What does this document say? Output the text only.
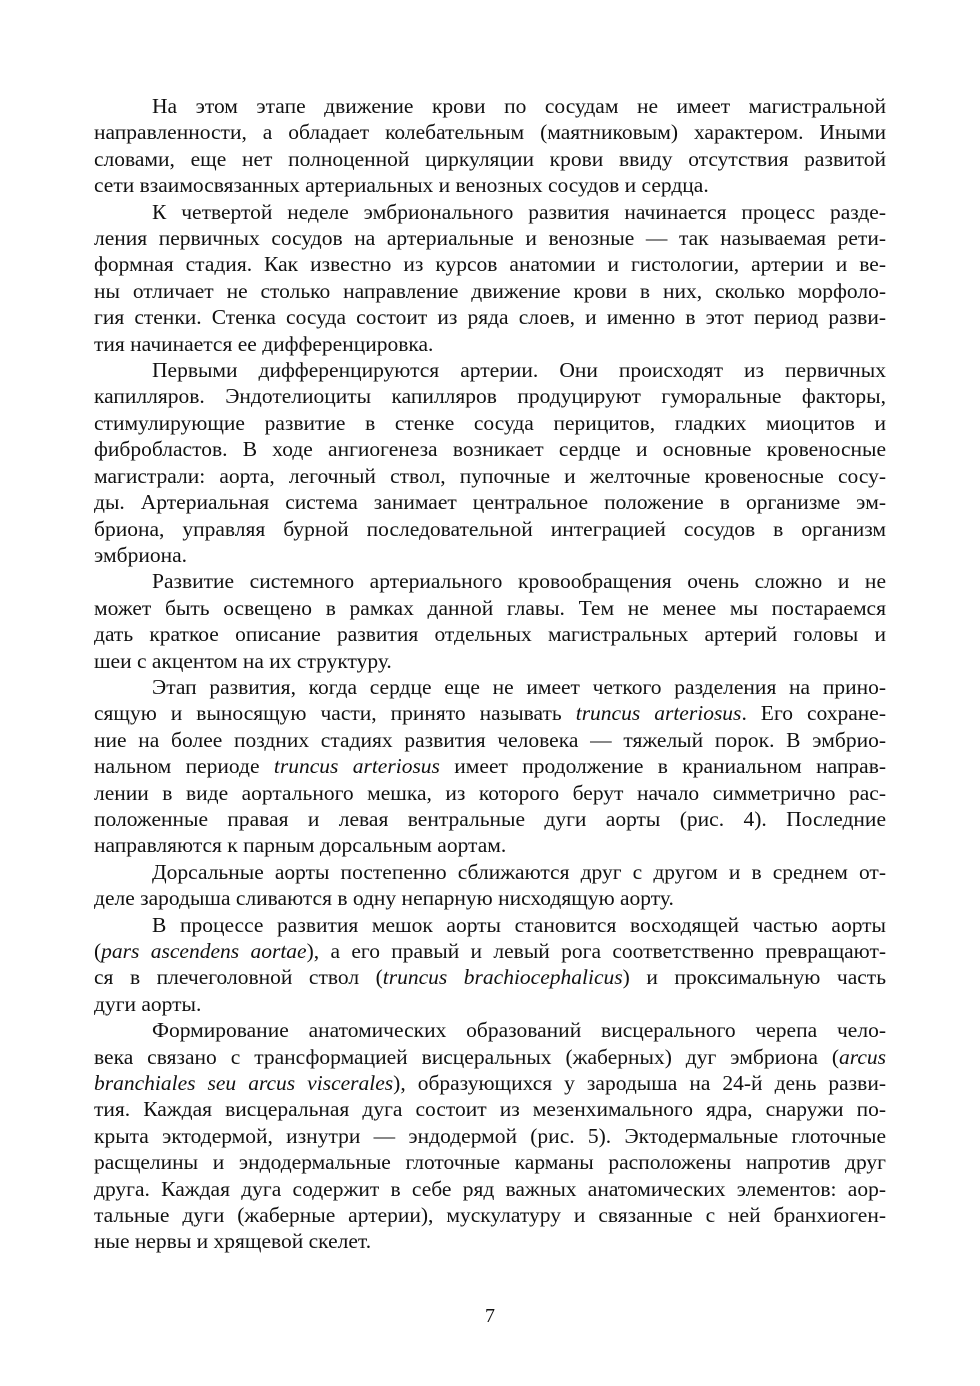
На этом этапе движение крови по сосудам не имеет магистральной
направленности, а обладает колебательным (маятниковым) характером. Иными
словами, еще нет полноценной циркуляции крови ввиду отсутствия развитой
сети взаимосвязанных артериальных и венозных сосудов и сердца.
К четвертой неделе эмбрионального развития начинается процесс разде-
ления первичных сосудов на артериальные и венозные — так называемая рети-
формная стадия. Как известно из курсов анатомии и гистологии, артерии и ве-
ны отличает не столько направление движение крови в них, сколько морфоло-
гия стенки. Стенка сосуда состоит из ряда слоев, и именно в этот период разви-
тия начинается ее дифференцировка.
Первыми дифференцируются артерии. Они происходят из первичных
капилляров. Эндотелиоциты капилляров продуцируют гуморальные факторы,
стимулирующие развитие в стенке сосуда перицитов, гладких миоцитов и
фибробластов. В ходе ангиогенеза возникает сердце и основные кровеносные
магистрали: аорта, легочный ствол, пупочные и желточные кровеносные сосу-
ды. Артериальная система занимает центральное положение в организме эм-
бриона, управляя бурной последовательной интеграцией сосудов в организм
эмбриона.
Развитие системного артериального кровообращения очень сложно и не
может быть освещено в рамках данной главы. Тем не менее мы постараемся
дать краткое описание развития отдельных магистральных артерий головы и
шеи с акцентом на их структуру.
Этап развития, когда сердце еще не имеет четкого разделения на прино-
сящую и выносящую части, принято называть truncus arteriosus. Его сохране-
ние на более поздних стадиях развития человека — тяжелый порок. В эмбрио-
нальном периоде truncus arteriosus имеет продолжение в краниальном направ-
лении в виде аортального мешка, из которого берут начало симметрично рас-
положенные правая и левая вентральные дуги аорты (рис. 4). Последние
направляются к парным дорсальным аортам.
Дорсальные аорты постепенно сближаются друг с другом и в среднем от-
деле зародыша сливаются в одну непарную нисходящую аорту.
В процессе развития мешок аорты становится восходящей частью аорты
(pars ascendens aortae), а его правый и левый рога соответственно превращают-
ся в плечеголовной ствол (truncus brachiocephalicus) и проксимальную часть
дуги аорты.
Формирование анатомических образований висцерального черепа чело-
века связано с трансформацией висцеральных (жаберных) дуг эмбриона (arcus
branchiales seu arcus viscerales), образующихся у зародыша на 24-й день разви-
тия. Каждая висцеральная дуга состоит из мезенхимального ядра, снаружи по-
крыта эктодермой, изнутри — эндодермой (рис. 5). Эктодермальные глоточные
расщелины и эндодермальные глоточные карманы расположены напротив друг
друга. Каждая дуга содержит в себе ряд важных анатомических элементов: аор-
тальные дуги (жаберные артерии), мускулатуру и связанные с ней бранхиоген-
ные нервы и хрящевой скелет.
7
